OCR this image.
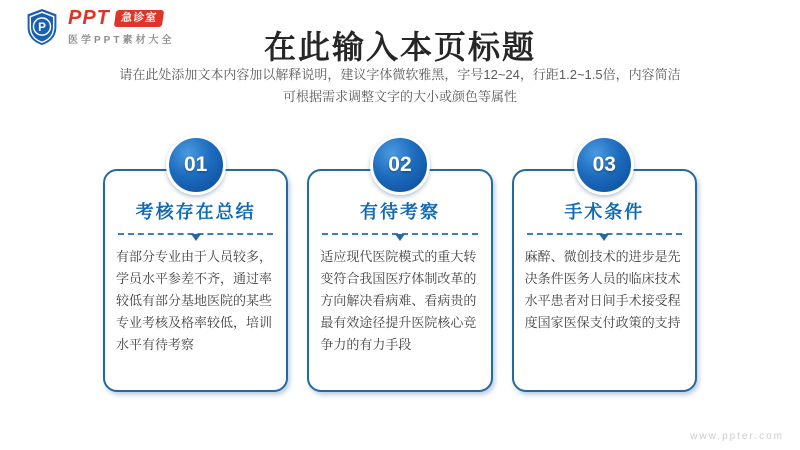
P PPT 急诊室
医学PPT素材大全	在此输入本页标题
请在此处添加文本内容加以解释说明，建议字体微软雅黑，字号12~24，行距1.2~1.5倍，内容简洁
可根据需求调整文字的大小或颜色等属性
01
考核存在总结
有部分专业由于人员较多，学员水平参差不齐，通过率较低有部分基地医院的某些专业考核及格率较低，培训水平有待考察
02
有待考察
适应现代医院模式的重大转变符合我国医疗体制改革的方向解决看病难、看病贵的最有效途径提升医院核心竞争力的有力手段
03
手术条件
麻醉、微创技术的进步是先决条件医务人员的临床技术水平患者对日间手术接受程度国家医保支付政策的支持
www.ppter.com
